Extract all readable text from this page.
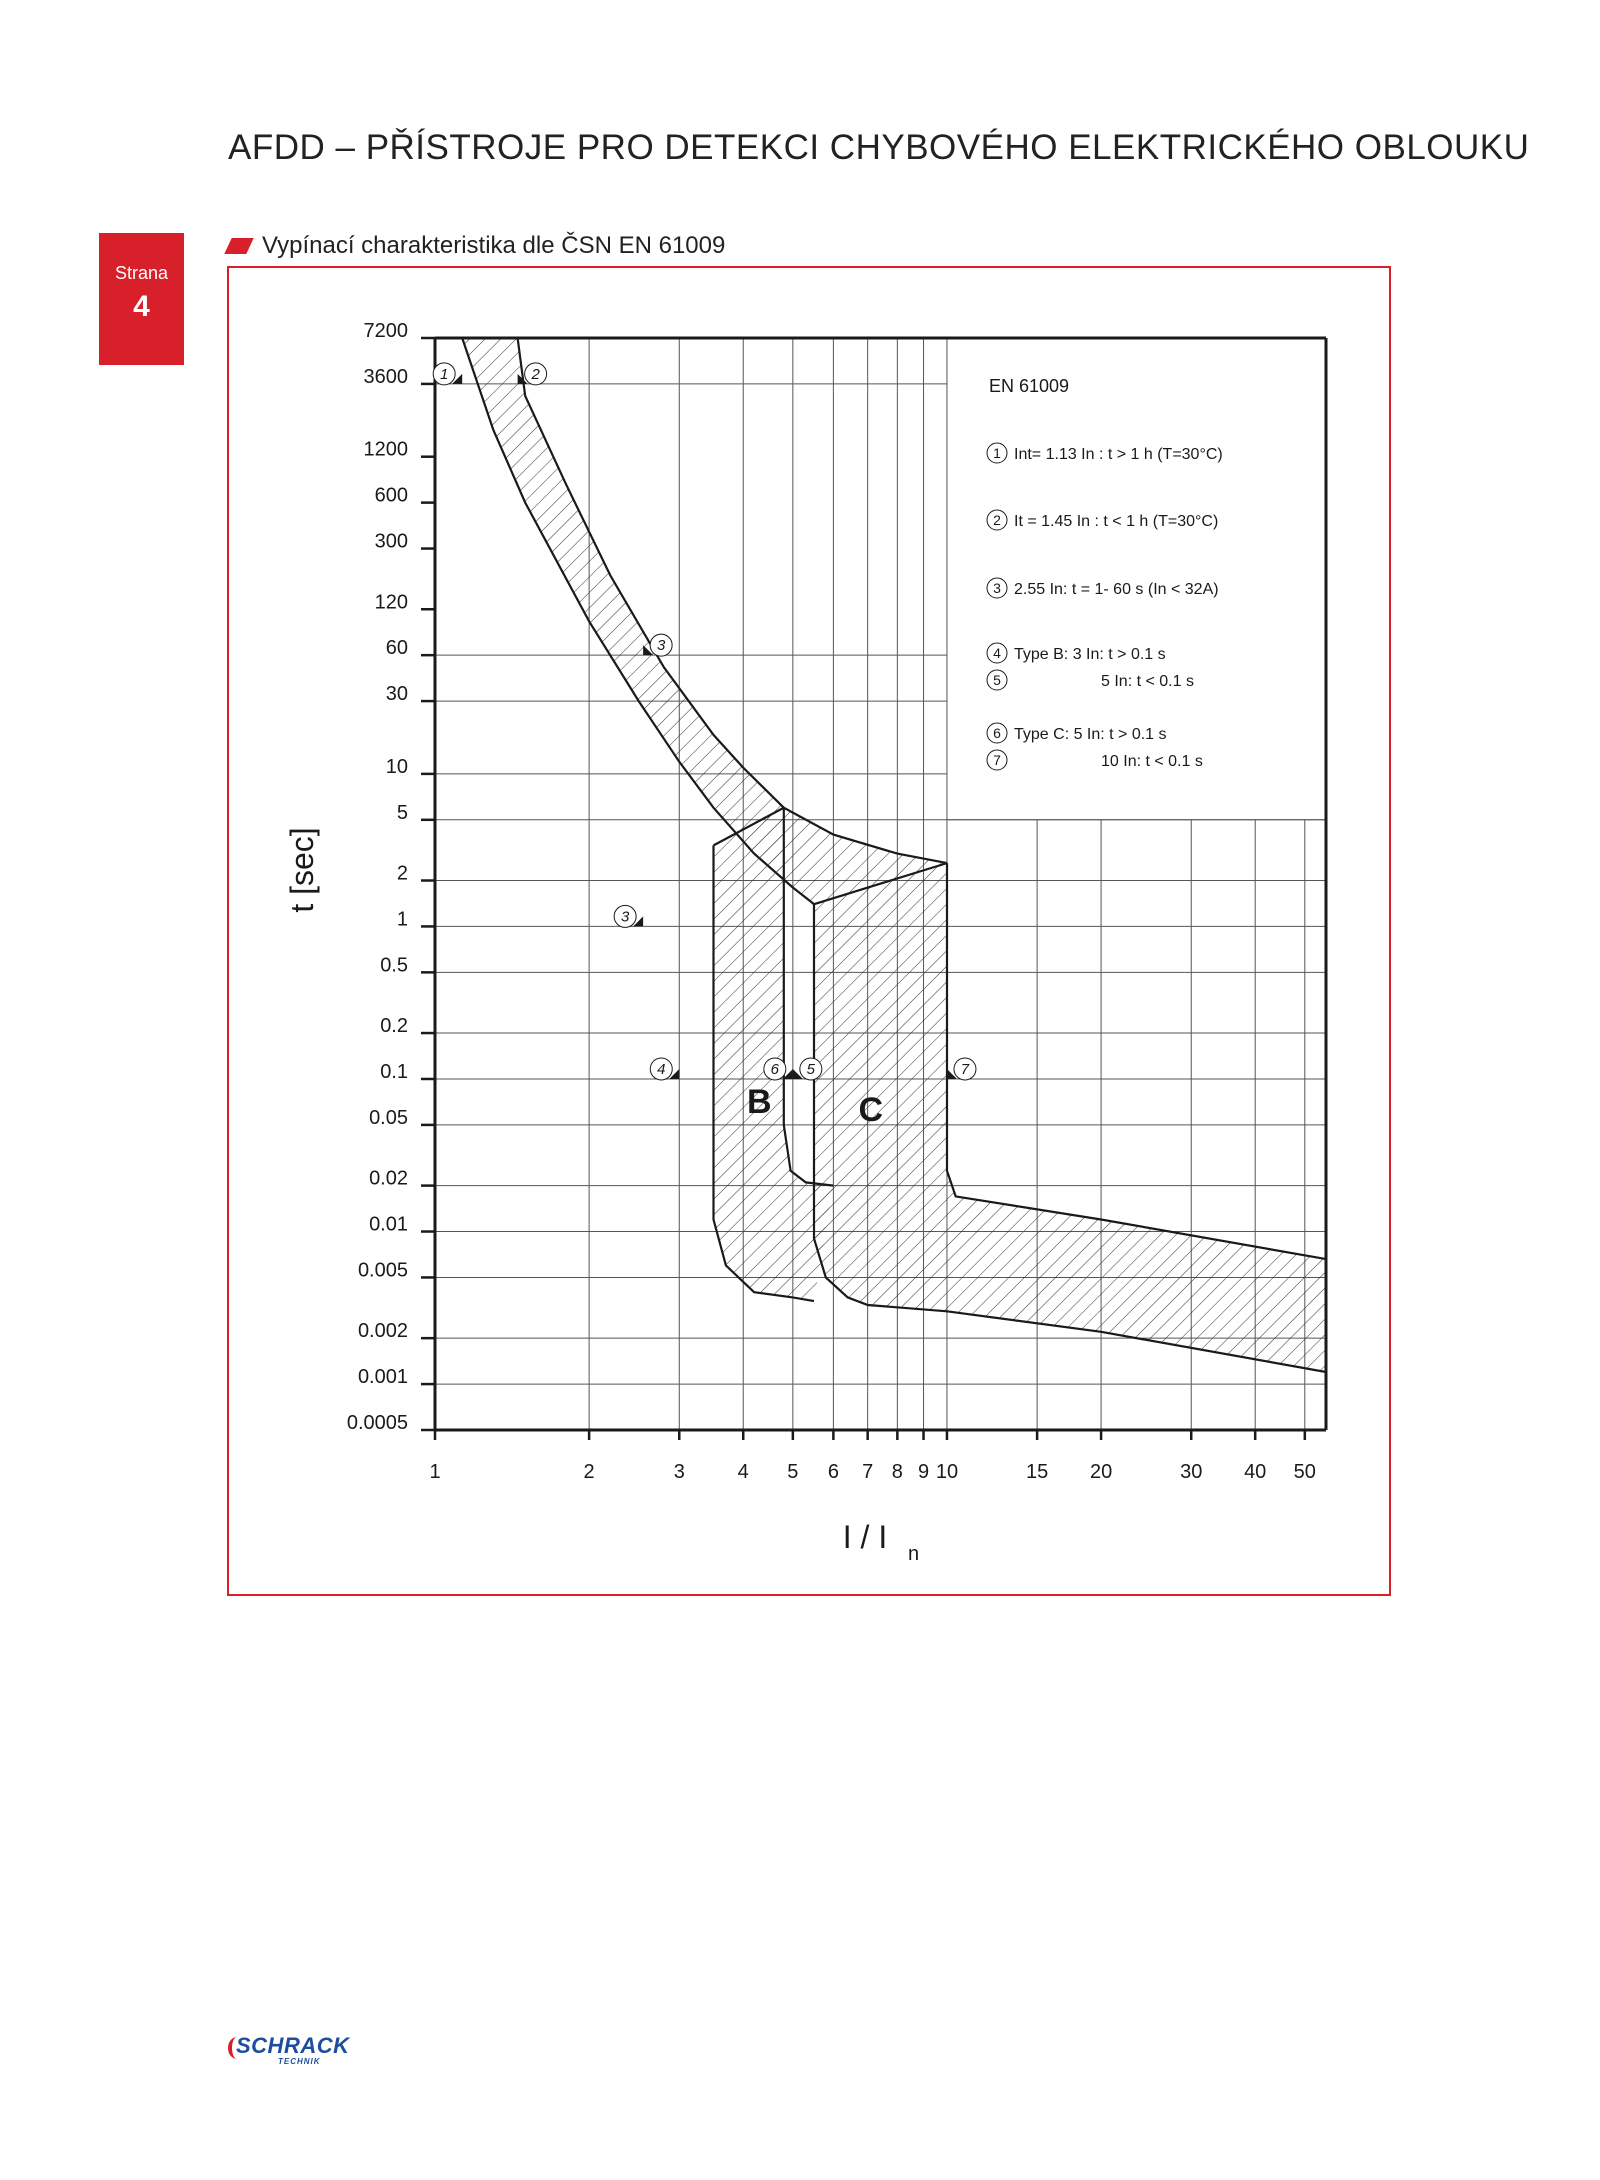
AFDD – PŘÍSTROJE PRO DETEKCI CHYBOVÉHO ELEKTRICKÉHO OBLOUKU
Strana
4
Vypínací charakteristika dle ČSN EN 61009
EN 61009
1 Int= 1.13 In : t > 1 h (T=30°C)
2 It = 1.45 In : t < 1 h (T=30°C)
3 2.55 In: t = 1- 60 s (In < 32A)
4 Type B: 3 In: t > 0.1 s
5	5 In: t < 0.1 s
6 Type C: 5 In: t > 0.1 s
7	10 In: t < 0.1 s
B	C
7200
3600
1200
600
300
120
60
30
10
5
2
1
0.5
0.2
0.1
0.05
0.02
0.01
0.005
0.002
0.001
0.0005
1	2	3	4 5 6 7 8 9 10	15 20	30 40 50
I / I n
t [sec]
1	2
3
3
4	5
6	7
SCHRACK
TECHNIK
